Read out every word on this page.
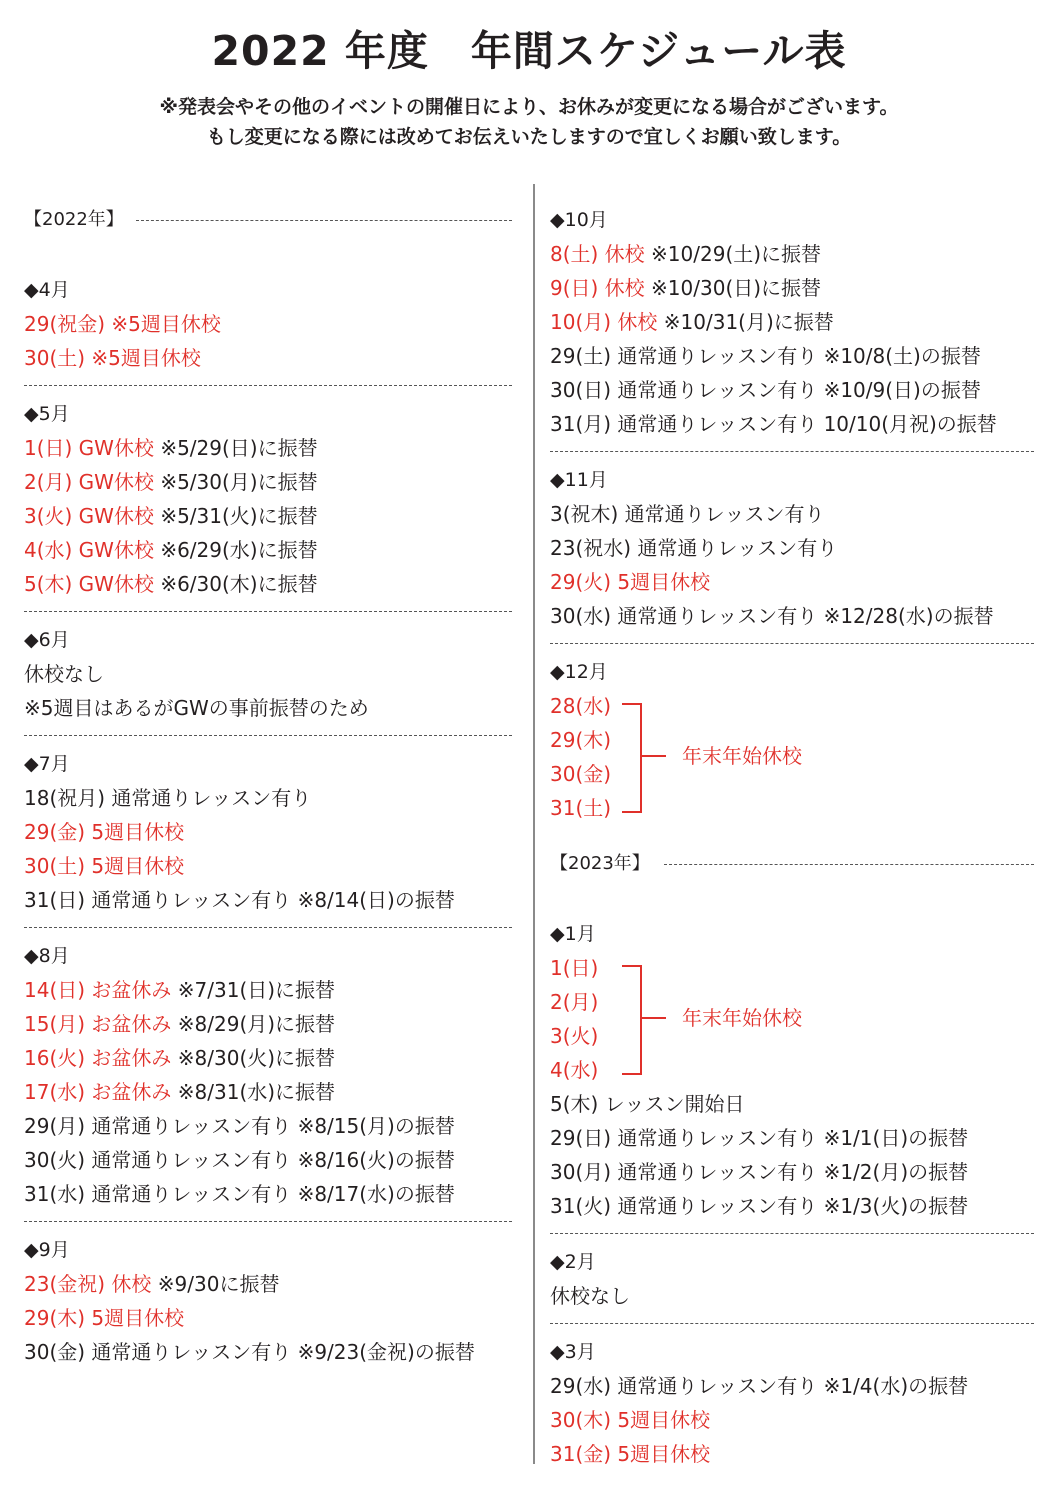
2022 年度　年間スケジュール表
※発表会やその他のイベントの開催日により、お休みが変更になる場合がございます。
もし変更になる際には改めてお伝えいたしますので宜しくお願い致します。
【2022年】
◆4月
29(祝金) ※5週目休校
30(土) ※5週目休校
◆5月
1(日) GW休校 ※5/29(日)に振替
2(月) GW休校 ※5/30(月)に振替
3(火) GW休校 ※5/31(火)に振替
4(水) GW休校 ※6/29(水)に振替
5(木) GW休校 ※6/30(木)に振替
◆6月
休校なし
※5週目はあるがGWの事前振替のため
◆7月
18(祝月) 通常通りレッスン有り
29(金) 5週目休校
30(土) 5週目休校
31(日) 通常通りレッスン有り ※8/14(日)の振替
◆8月
14(日) お盆休み ※7/31(日)に振替
15(月) お盆休み ※8/29(月)に振替
16(火) お盆休み ※8/30(火)に振替
17(水) お盆休み ※8/31(水)に振替
29(月) 通常通りレッスン有り ※8/15(月)の振替
30(火) 通常通りレッスン有り ※8/16(火)の振替
31(水) 通常通りレッスン有り ※8/17(水)の振替
◆9月
23(金祝) 休校 ※9/30に振替
29(木) 5週目休校
30(金) 通常通りレッスン有り ※9/23(金祝)の振替
◆10月
8(土) 休校 ※10/29(土)に振替
9(日) 休校 ※10/30(日)に振替
10(月) 休校 ※10/31(月)に振替
29(土) 通常通りレッスン有り ※10/8(土)の振替
30(日) 通常通りレッスン有り ※10/9(日)の振替
31(月) 通常通りレッスン有り 10/10(月祝)の振替
◆11月
3(祝木) 通常通りレッスン有り
23(祝水) 通常通りレッスン有り
29(火) 5週目休校
30(水) 通常通りレッスン有り ※12/28(水)の振替
◆12月
28(水)
29(木)
30(金)
31(土)
年末年始休校
【2023年】
◆1月
1(日)
2(月)
3(火)
4(水)
年末年始休校
5(木) レッスン開始日
29(日) 通常通りレッスン有り ※1/1(日)の振替
30(月) 通常通りレッスン有り ※1/2(月)の振替
31(火) 通常通りレッスン有り ※1/3(火)の振替
◆2月
休校なし
◆3月
29(水) 通常通りレッスン有り ※1/4(水)の振替
30(木) 5週目休校
31(金) 5週目休校
